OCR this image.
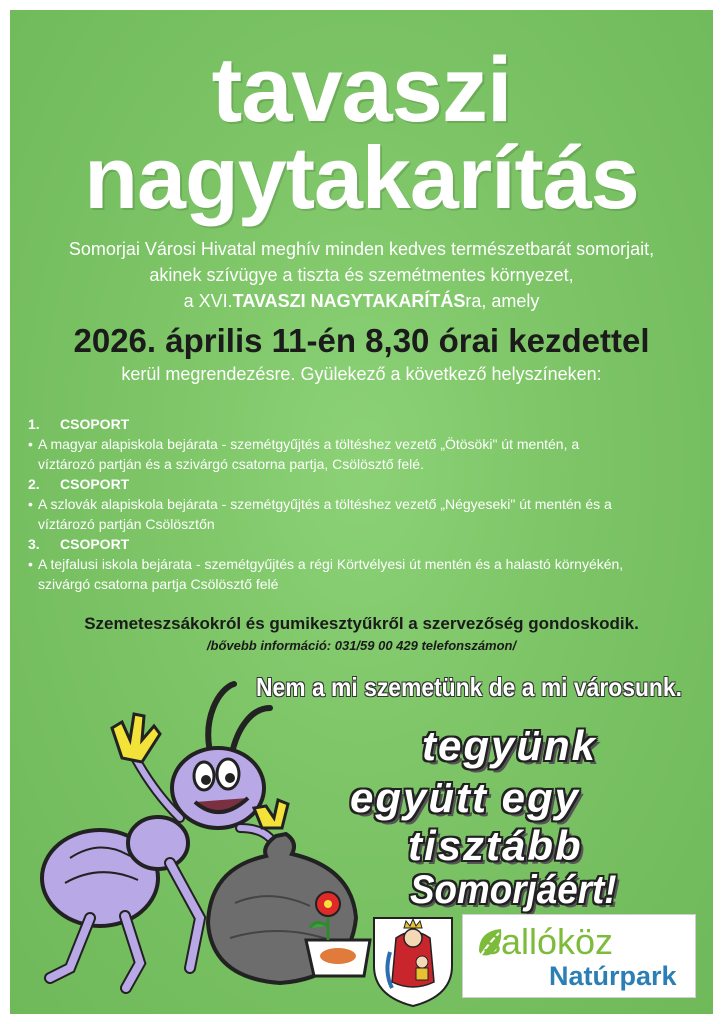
tavaszi
nagytakarítás
Somorjai Városi Hivatal meghív minden kedves természetbarát somorjait,
akinek szívügye a tiszta és szemétmentes környezet,
a XVI.TAVASZI NAGYTAKARÍTÁSra, amely
2026. április 11-én 8,30 órai kezdettel
kerül megrendezésre. Gyülekező a következő helyszíneken:
1. CSOPORT
• A magyar alapiskola bejárata - szemétgyűjtés a töltéshez vezető „Ötösöki" út mentén, a
víztározó partján és a szivárgó csatorna partja, Csölösztő felé.
2. CSOPORT
• A szlovák alapiskola bejárata - szemétgyűjtés a töltéshez vezető „Négyeseki" út mentén és a
víztározó partján Csölösztőn
3. CSOPORT
• A tejfalusi iskola bejárata - szemétgyűjtés a régi Körtvélyesi út mentén és a halastó környékén,
szivárgó csatorna partja Csölösztő felé
Szemeteszsákokról és gumikesztyűkről a szervezőség gondoskodik.
/bővebb információ: 031/59 00 429 telefonszámon/
Nem a mi szemetünk de a mi városunk.
tegyünk
együtt egy
tisztább
Somorjáért!
sallóköz
Natúrpark
